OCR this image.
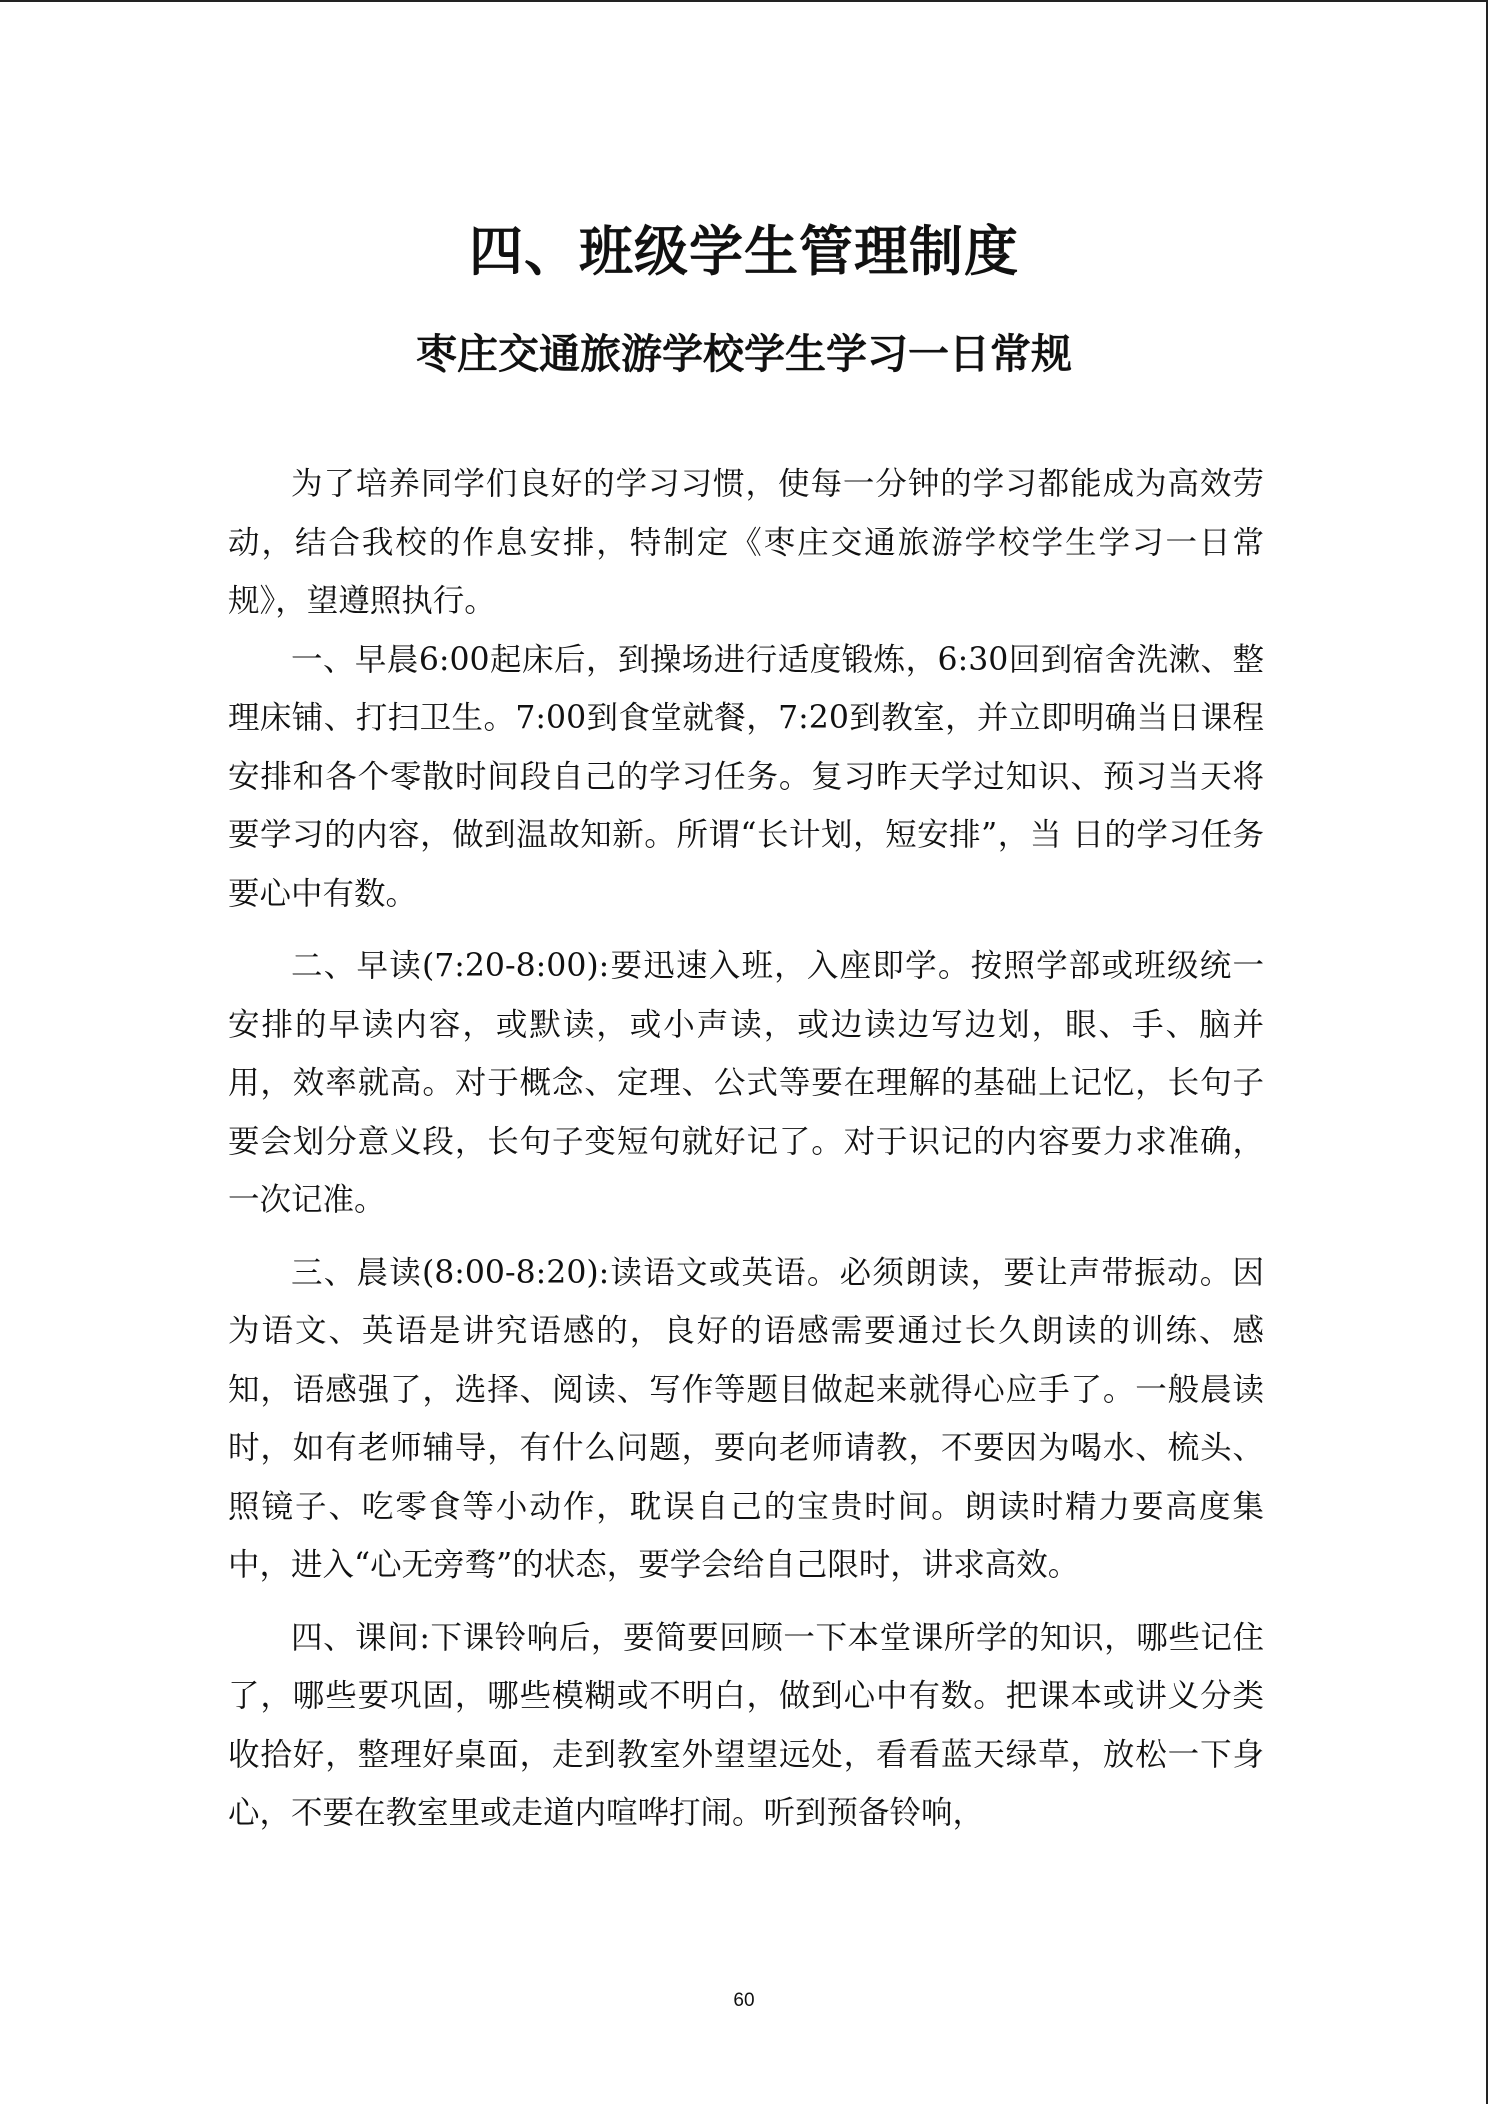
四、班级学生管理制度
枣庄交通旅游学校学生学习一日常规

为了培养同学们良好的学习习惯，使每一分钟的学习都能成为高效劳动，结合我校的作息安排，特制定《枣庄交通旅游学校学生学习一日常规》，望遵照执行。

一、早晨6:00起床后，到操场进行适度锻炼，6:30回到宿舍洗漱、整理床铺、打扫卫生。7:00到食堂就餐，7:20到教室，并立即明确当日课程安排和各个零散时间段自己的学习任务。复习昨天学过知识、预习当天将要学习的内容，做到温故知新。所谓“长计划，短安排”，当 日的学习任务要心中有数。

二、早读(7:20-8:00):要迅速入班，入座即学。按照学部或班级统一安排的早读内容，或默读，或小声读，或边读边写边划，眼、手、脑并用，效率就高。对于概念、定理、公式等要在理解的基础上记忆，长句子要会划分意义段，长句子变短句就好记了。对于识记的内容要力求准确，一次记准。

三、晨读(8:00-8:20):读语文或英语。必须朗读，要让声带振动。因为语文、英语是讲究语感的，良好的语感需要通过长久朗读的训练、感知，语感强了，选择、阅读、写作等题目做起来就得心应手了。一般晨读时，如有老师辅导，有什么问题，要向老师请教，不要因为喝水、梳头、照镜子、吃零食等小动作，耽误自己的宝贵时间。朗读时精力要高度集中，进入“心无旁骛”的状态，要学会给自己限时，讲求高效。

四、课间:下课铃响后，要简要回顾一下本堂课所学的知识，哪些记住了，哪些要巩固，哪些模糊或不明白，做到心中有数。把课本或讲义分类收拾好，整理好桌面，走到教室外望望远处，看看蓝天绿草，放松一下身心，不要在教室里或走道内喧哗打闹。听到预备铃响，

60
